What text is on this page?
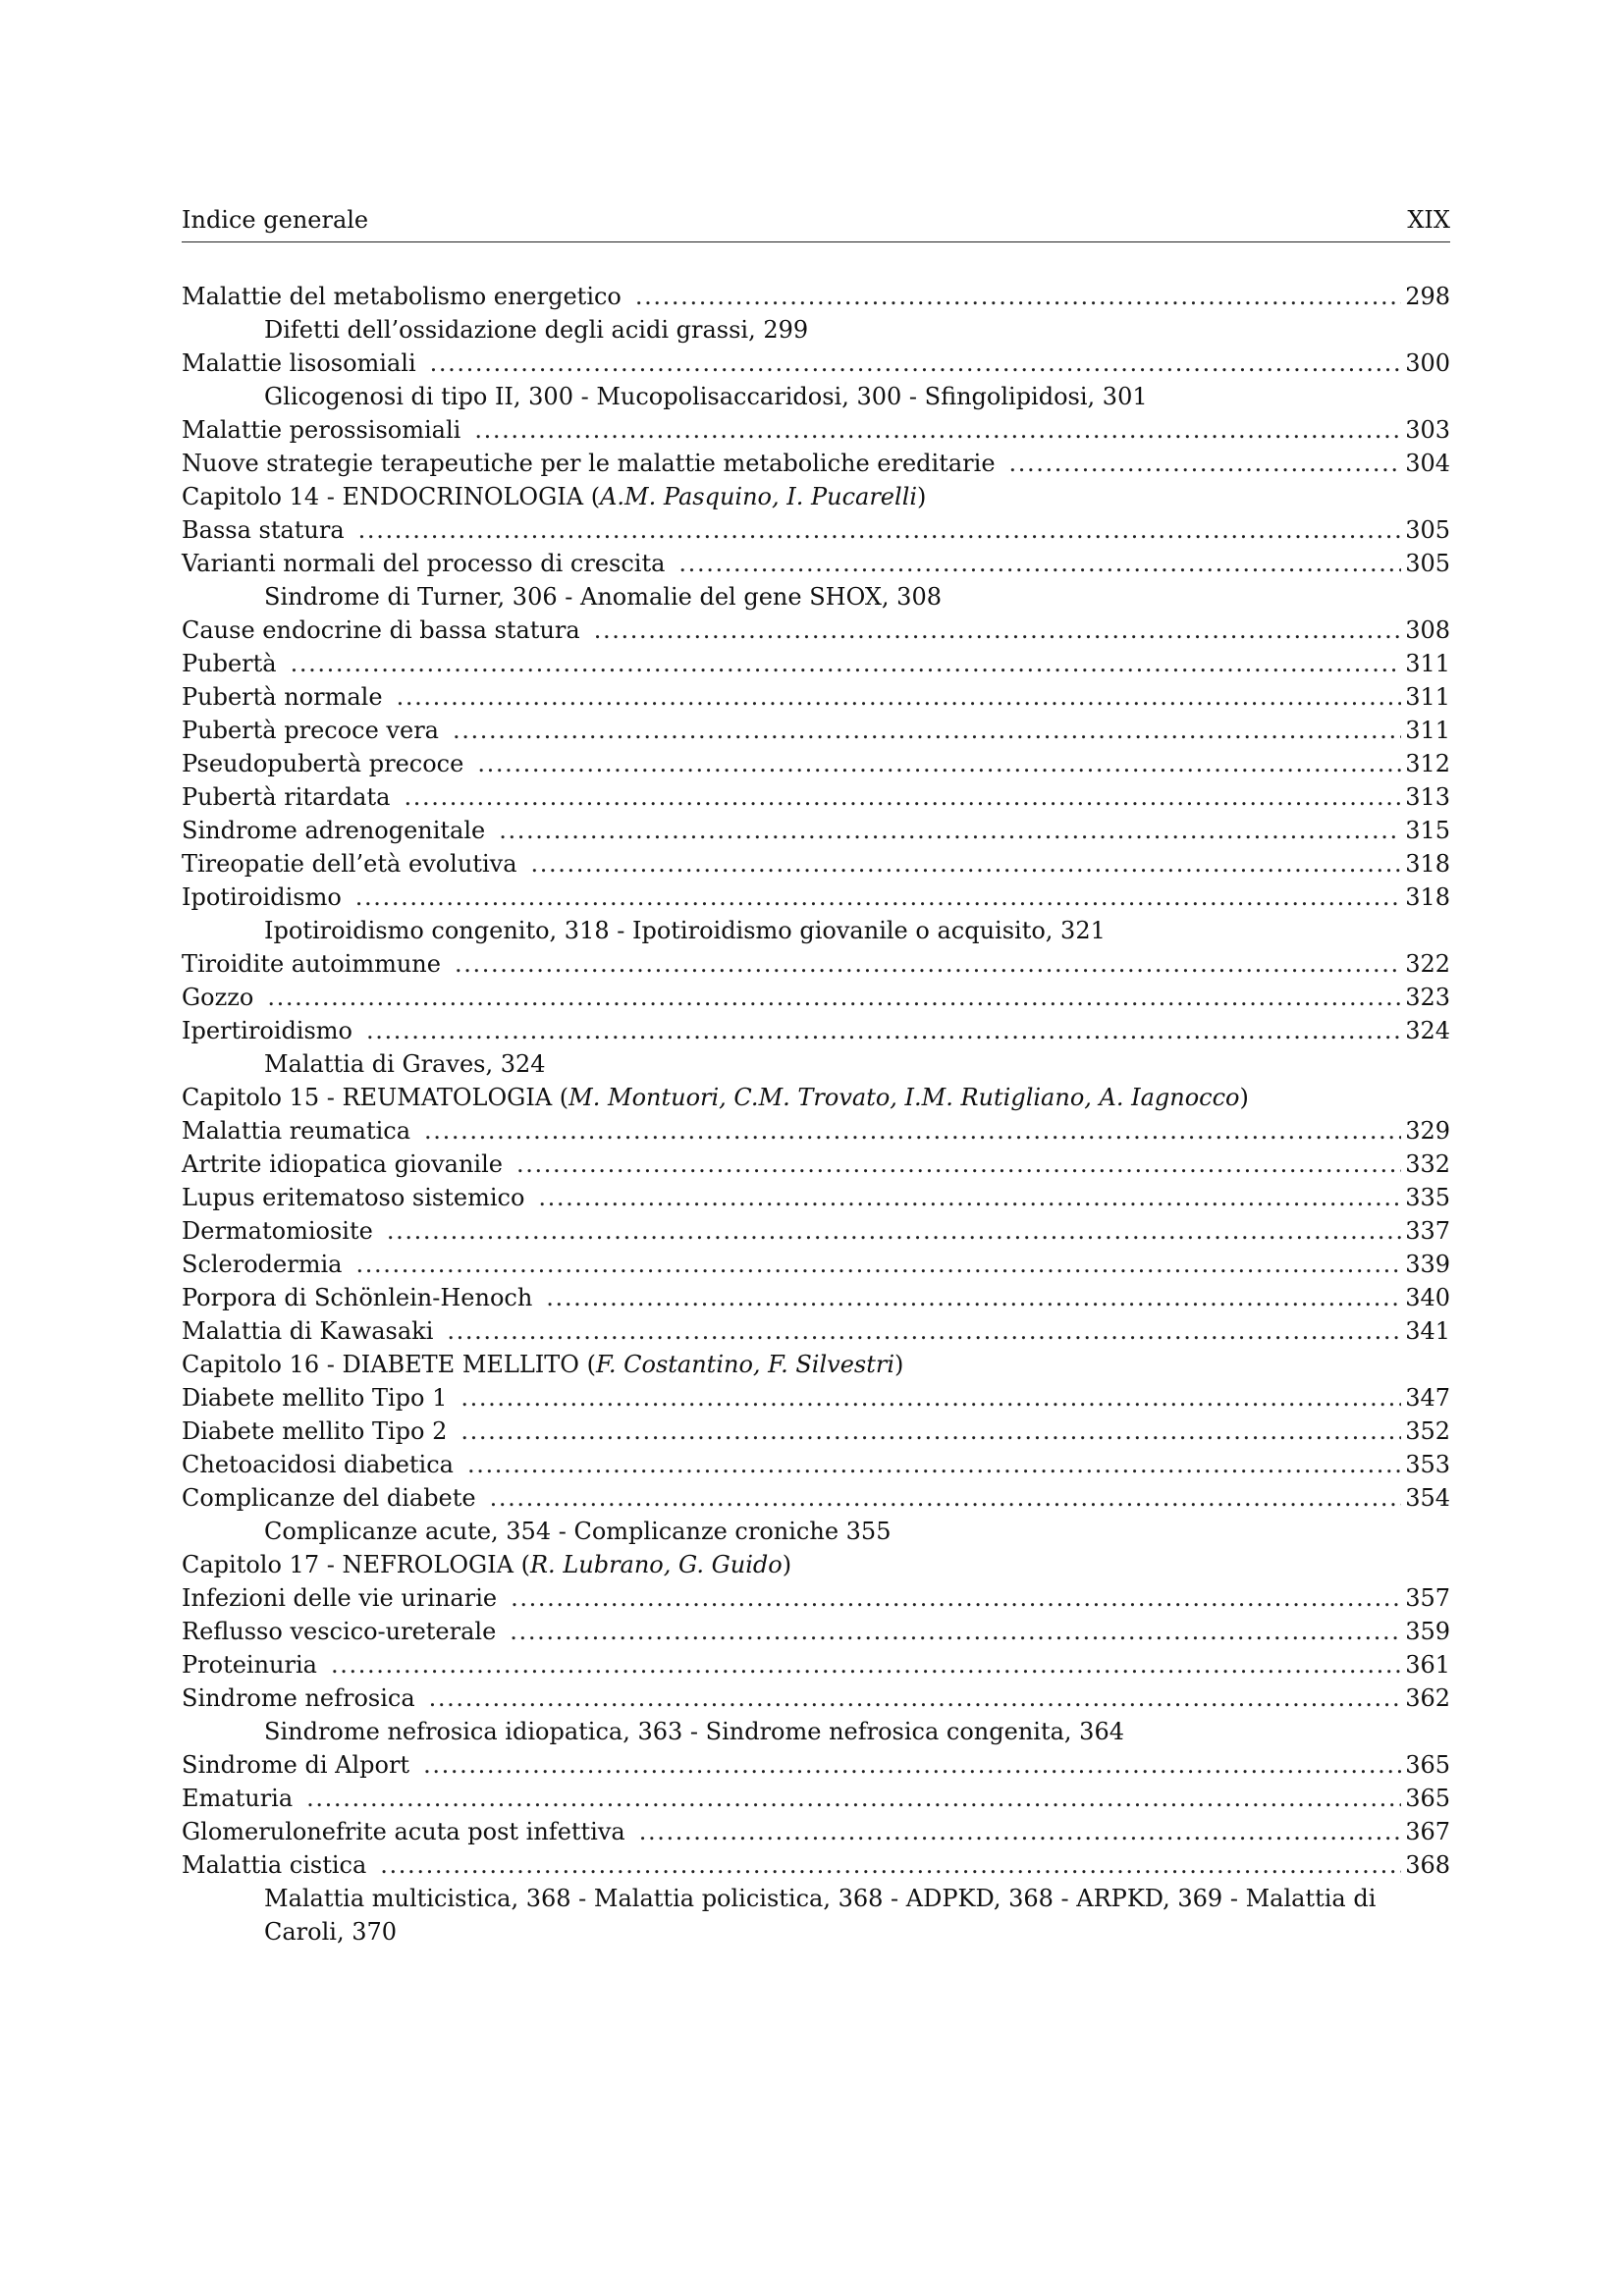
Indice generale	XIX
Malattie del metabolismo energetico . . .	298
Difetti dell’ossidazione degli acidi grassi, 299
Malattie lisosomiali . . .	300
Glicogenosi di tipo II, 300 - Mucopolisaccaridosi, 300 - Sfingolipidosi, 301
Malattie perossisomiali . . .	303
Nuove strategie terapeutiche per le malattie metaboliche ereditarie . . .	304
Capitolo 14 - ENDOCRINOLOGIA (A.M. Pasquino, I. Pucarelli)
Bassa statura . . .	305
Varianti normali del processo di crescita . . .	305
Sindrome di Turner, 306 - Anomalie del gene SHOX, 308
Cause endocrine di bassa statura . . .	308
Pubertà . . .	311
Pubertà normale . . .	311
Pubertà precoce vera . . .	311
Pseudopubertà precoce . . .	312
Pubertà ritardata . . .	313
Sindrome adrenogenitale . . .	315
Tireopatie dell’età evolutiva . . .	318
Ipotiroidismo . . .	318
Ipotiroidismo congenito, 318 - Ipotiroidismo giovanile o acquisito, 321
Tiroidite autoimmune . . .	322
Gozzo . . .	323
Ipertiroidismo . . .	324
Malattia di Graves, 324
Capitolo 15 - REUMATOLOGIA (M. Montuori, C.M. Trovato, I.M. Rutigliano, A. Iagnocco)
Malattia reumatica . . .	329
Artrite idiopatica giovanile . . .	332
Lupus eritematoso sistemico . . .	335
Dermatomiosite . . .	337
Sclerodermia . . .	339
Porpora di Schönlein-Henoch . . .	340
Malattia di Kawasaki . . .	341
Capitolo 16 - DIABETE MELLITO (F. Costantino, F. Silvestri)
Diabete mellito Tipo 1 . . .	347
Diabete mellito Tipo 2 . . .	352
Chetoacidosi diabetica . . .	353
Complicanze del diabete . . .	354
Complicanze acute, 354 - Complicanze croniche 355
Capitolo 17 - NEFROLOGIA (R. Lubrano, G. Guido)
Infezioni delle vie urinarie . . .	357
Reflusso vescico-ureterale . . .	359
Proteinuria . . .	361
Sindrome nefrosica . . .	362
Sindrome nefrosica idiopatica, 363 - Sindrome nefrosica congenita, 364
Sindrome di Alport . . .	365
Ematuria . . .	365
Glomerulonefrite acuta post infettiva . . .	367
Malattia cistica . . .	368
Malattia multicistica, 368 - Malattia policistica, 368 - ADPKD, 368 - ARPKD, 369 - Malattia di Caroli, 370
